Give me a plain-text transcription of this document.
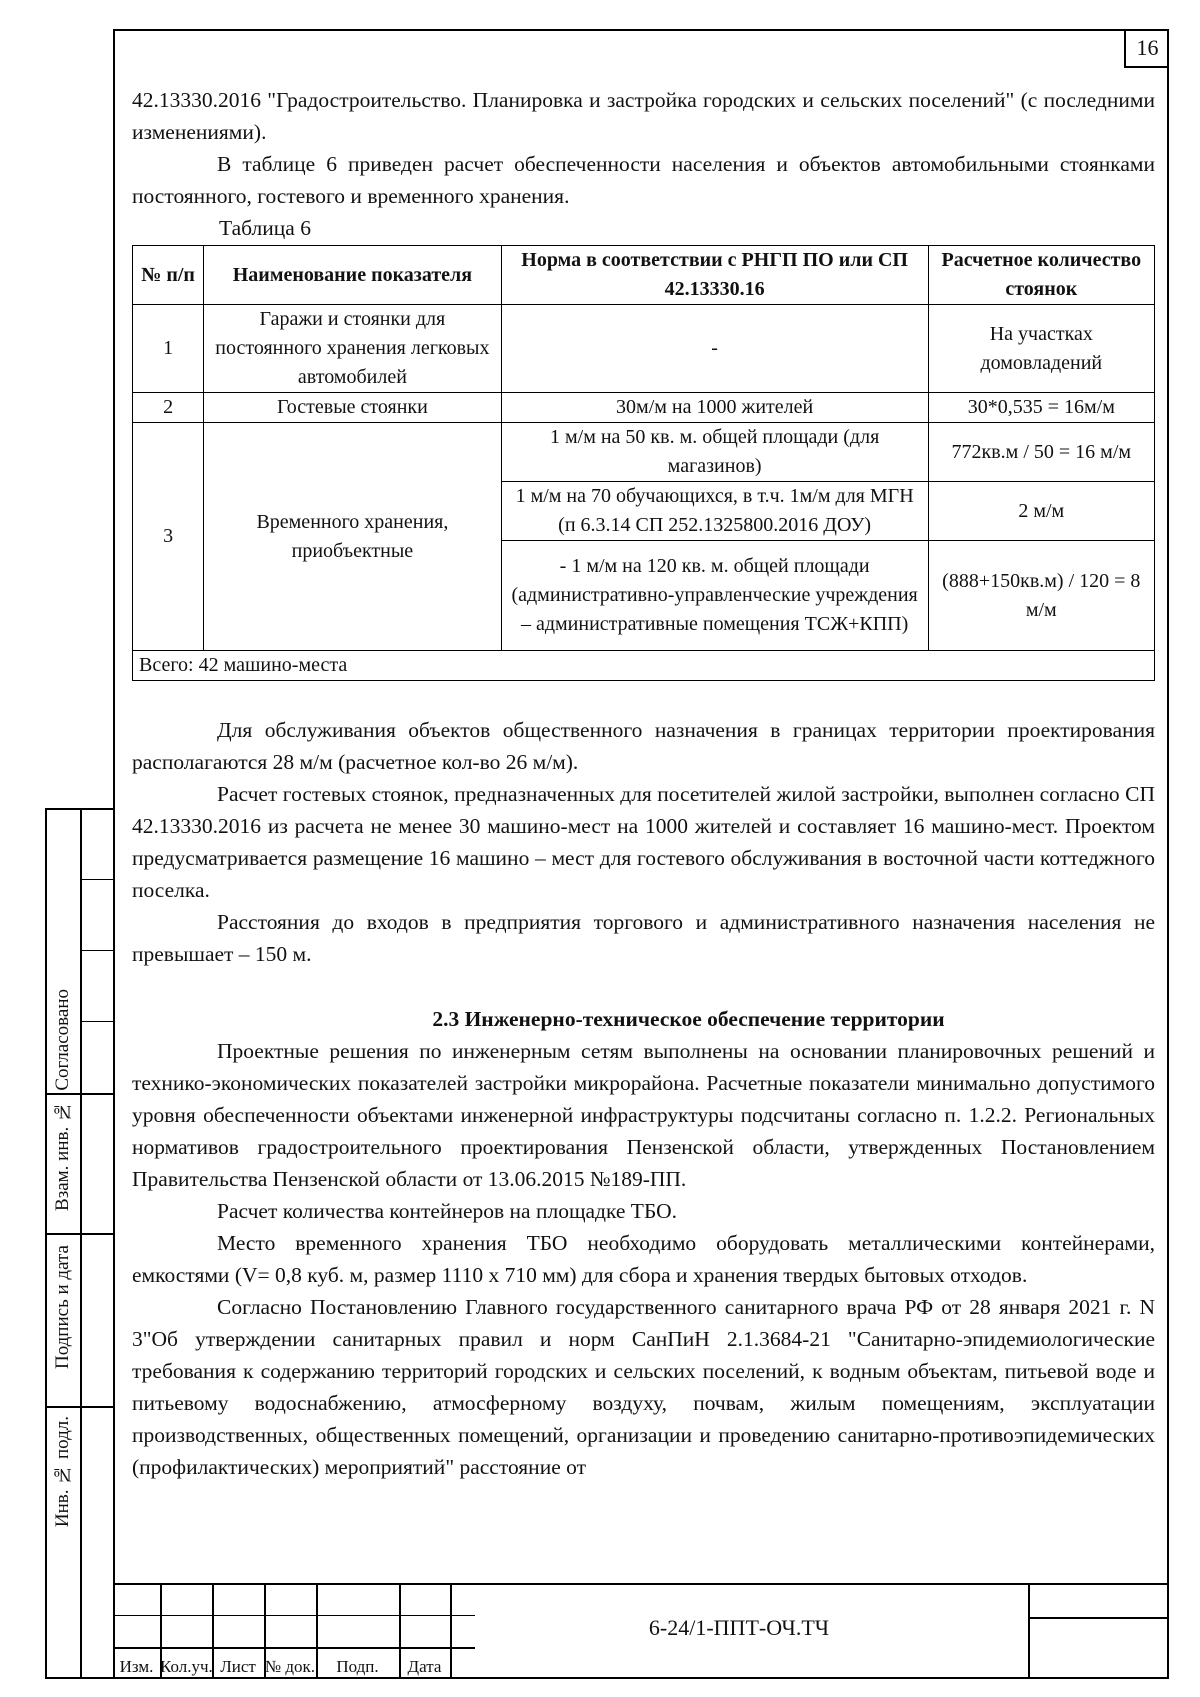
16

42.13330.2016 "Градостроительство. Планировка и застройка городских и сельских поселений" (с последними изменениями).

В таблице 6 приведен расчет обеспеченности населения и объектов автомобильными стоянками постоянного, гостевого и временного хранения.

Таблица 6

№ п/п	Наименование показателя	Норма в соответствии с РНГП ПО или СП 42.13330.16	Расчетное количество стоянок
1	Гаражи и стоянки для постоянного хранения легковых автомобилей	-	На участках домовладений
2	Гостевые стоянки	30м/м на 1000 жителей	30*0,535 = 16м/м
3	Временного хранения, приобъектные	1 м/м на 50 кв. м. общей площади (для магазинов)	772кв.м / 50 = 16 м/м
		1 м/м на 70 обучающихся, в т.ч. 1м/м для МГН (п 6.3.14 СП 252.1325800.2016 ДОУ)	2 м/м
		- 1 м/м на 120 кв. м. общей площади (административно-управленческие учреждения – административные помещения ТСЖ+КПП)	(888+150кв.м) / 120 = 8 м/м
Всего: 42 машино-места			

Для обслуживания объектов общественного назначения в границах территории проектирования располагаются 28 м/м (расчетное кол-во 26 м/м).

Расчет гостевых стоянок, предназначенных для посетителей жилой застройки, выполнен согласно СП 42.13330.2016 из расчета не менее 30 машино-мест на 1000 жителей и составляет 16 машино-мест. Проектом предусматривается размещение 16 машино – мест для гостевого обслуживания в восточной части коттеджного поселка.

Расстояния до входов в предприятия торгового и административного назначения населения не превышает – 150 м.

2.3 Инженерно-техническое обеспечение территории

Проектные решения по инженерным сетям выполнены на основании планировочных решений и технико-экономических показателей застройки микрорайона. Расчетные показатели минимально допустимого уровня обеспеченности объектами инженерной инфраструктуры подсчитаны согласно п. 1.2.2. Региональных нормативов градостроительного проектирования Пензенской области, утвержденных Постановлением Правительства Пензенской области от 13.06.2015 №189-ПП.

Расчет количества контейнеров на площадке ТБО.

Место временного хранения ТБО необходимо оборудовать металлическими контейнерами, емкостями (V= 0,8 куб. м, размер 1110 х 710 мм) для сбора и хранения твердых бытовых отходов.

Согласно Постановлению Главного государственного санитарного врача РФ от 28 января 2021 г. N 3"Об утверждении санитарных правил и норм СанПиН 2.1.3684-21 "Санитарно-эпидемиологические требования к содержанию территорий городских и сельских поселений, к водным объектам, питьевой воде и питьевому водоснабжению, атмосферному воздуху, почвам, жилым помещениям, эксплуатации производственных, общественных помещений, организации и проведению санитарно-противоэпидемических (профилактических) мероприятий" расстояние от

Согласовано
Взам. инв. №
Подпись и дата
Инв. № подл.
Изм. Кол.уч. Лист № док.	Подп.	Дата
6-24/1-ППТ-ОЧ.ТЧ
